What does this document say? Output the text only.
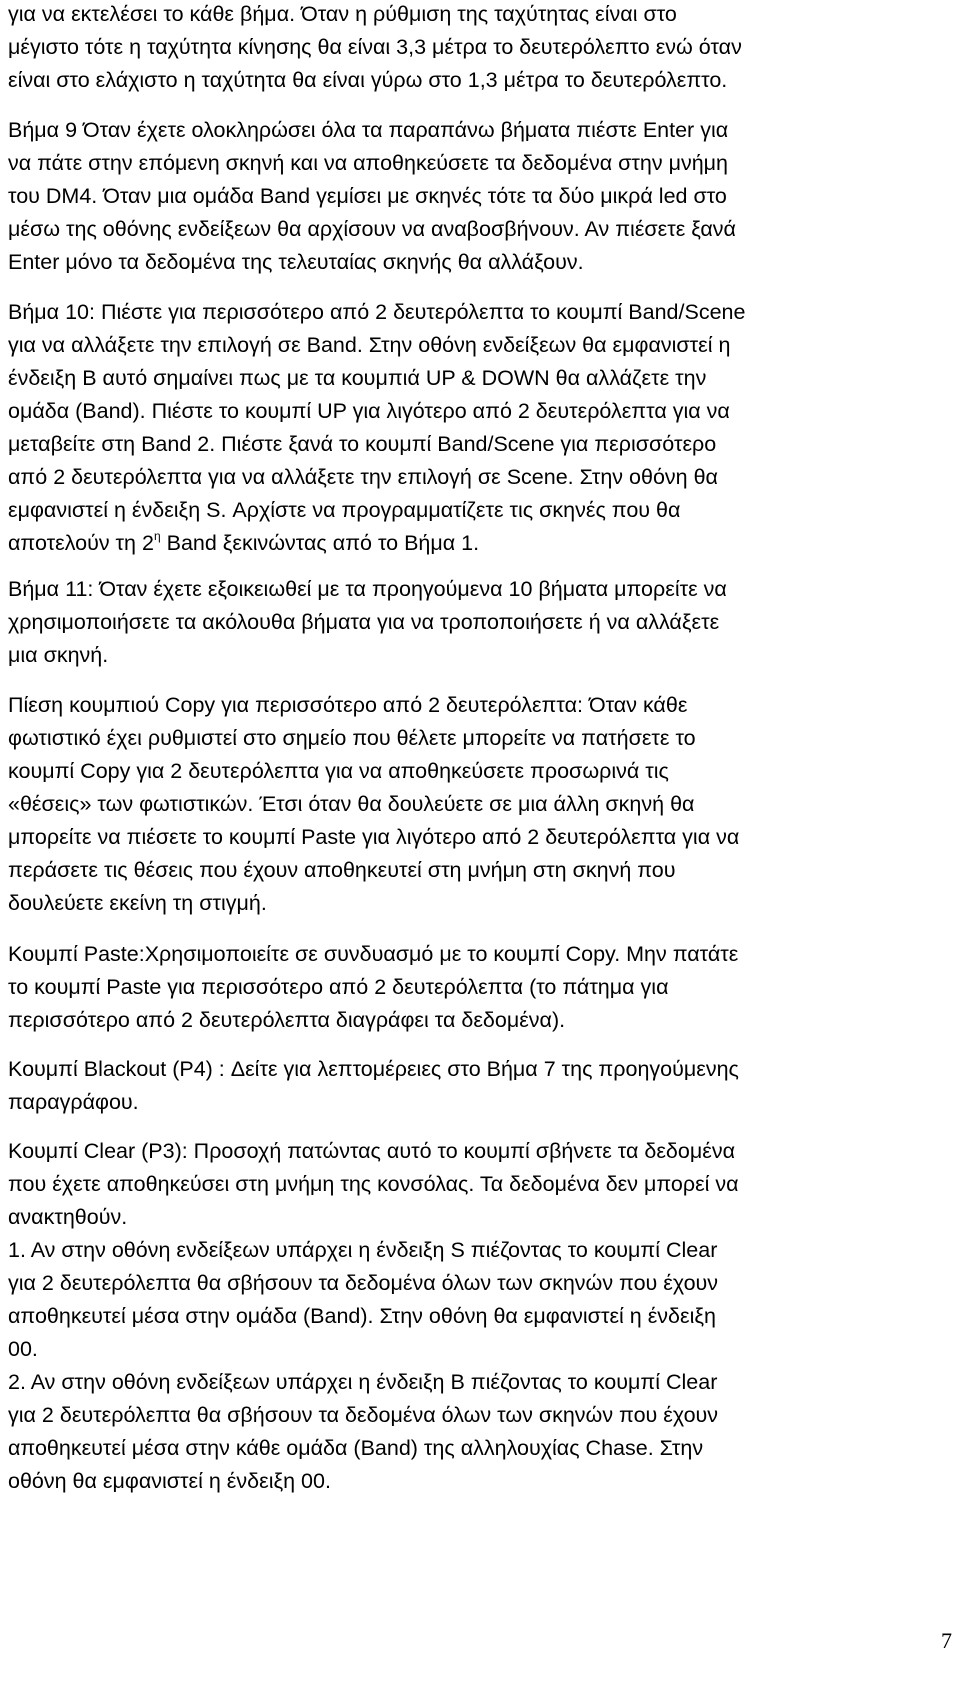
για να εκτελέσει το κάθε βήμα. Όταν η ρύθμιση της ταχύτητας είναι στο
μέγιστο τότε η ταχύτητα κίνησης θα είναι 3,3 μέτρα το δευτερόλεπτο ενώ όταν
είναι στο ελάχιστο η ταχύτητα θα είναι γύρω στο 1,3 μέτρα το δευτερόλεπτο.
Βήμα 9 Όταν έχετε ολοκληρώσει όλα τα παραπάνω βήματα πιέστε Enter για
να πάτε στην επόμενη σκηνή και να αποθηκεύσετε τα δεδομένα στην μνήμη
του DM4. Όταν μια ομάδα Band γεμίσει με σκηνές τότε τα δύο μικρά led στο
μέσω της οθόνης ενδείξεων θα αρχίσουν να αναβοσβήνουν. Αν πιέσετε ξανά
Enter μόνο τα δεδομένα της τελευταίας σκηνής θα αλλάξουν.
Βήμα 10: Πιέστε για περισσότερο από 2 δευτερόλεπτα το κουμπί Band/Scene
για να αλλάξετε την επιλογή σε Band. Στην οθόνη ενδείξεων θα εμφανιστεί η
ένδειξη B αυτό σημαίνει πως με τα κουμπιά UP & DOWN θα αλλάζετε την
ομάδα (Band). Πιέστε το κουμπί UP για λιγότερο από 2 δευτερόλεπτα για να
μεταβείτε στη Band 2. Πιέστε ξανά το κουμπί Band/Scene για περισσότερο
από 2 δευτερόλεπτα για να αλλάξετε την επιλογή σε Scene. Στην οθόνη θα
εμφανιστεί η ένδειξη S. Αρχίστε να προγραμματίζετε τις σκηνές που θα
αποτελούν τη $2^\eta$ Band ξεκινώντας από το Βήμα 1.
Βήμα 11: Όταν έχετε εξοικειωθεί με τα προηγούμενα 10 βήματα μπορείτε να
χρησιμοποιήσετε τα ακόλουθα βήματα για να τροποποιήσετε ή να αλλάξετε
μια σκηνή.
Πίεση κουμπιού Copy για περισσότερο από 2 δευτερόλεπτα: Όταν κάθε
φωτιστικό έχει ρυθμιστεί στο σημείο που θέλετε μπορείτε να πατήσετε το
κουμπί Copy για 2 δευτερόλεπτα για να αποθηκεύσετε προσωρινά τις
«θέσεις» των φωτιστικών. Έτσι όταν θα δουλεύετε σε μια άλλη σκηνή θα
μπορείτε να πιέσετε το κουμπί Paste για λιγότερο από 2 δευτερόλεπτα για να
περάσετε τις θέσεις που έχουν αποθηκευτεί στη μνήμη στη σκηνή που
δουλεύετε εκείνη τη στιγμή.
Κουμπί Paste:Χρησιμοποιείτε σε συνδυασμό με το κουμπί Copy. Μην πατάτε
το κουμπί Paste για περισσότερο από 2 δευτερόλεπτα (το πάτημα για
περισσότερο από 2 δευτερόλεπτα διαγράφει τα δεδομένα).
Κουμπί Blackout (P4) : Δείτε για λεπτομέρειες στο Βήμα 7 της προηγούμενης
παραγράφου.
Κουμπί Clear (P3): Προσοχή πατώντας αυτό το κουμπί σβήνετε τα δεδομένα
που έχετε αποθηκεύσει στη μνήμη της κονσόλας. Τα δεδομένα δεν μπορεί να
ανακτηθούν.
1. Αν στην οθόνη ενδείξεων υπάρχει η ένδειξη S πιέζοντας το κουμπί Clear
για 2 δευτερόλεπτα θα σβήσουν τα δεδομένα όλων των σκηνών που έχουν
αποθηκευτεί μέσα στην ομάδα (Band). Στην οθόνη θα εμφανιστεί η ένδειξη
00.
2. Αν στην οθόνη ενδείξεων υπάρχει η ένδειξη B πιέζοντας το κουμπί Clear
για 2 δευτερόλεπτα θα σβήσουν τα δεδομένα όλων των σκηνών που έχουν
αποθηκευτεί μέσα στην κάθε ομάδα (Band) της αλληλουχίας Chase. Στην
οθόνη θα εμφανιστεί η ένδειξη 00.
7
